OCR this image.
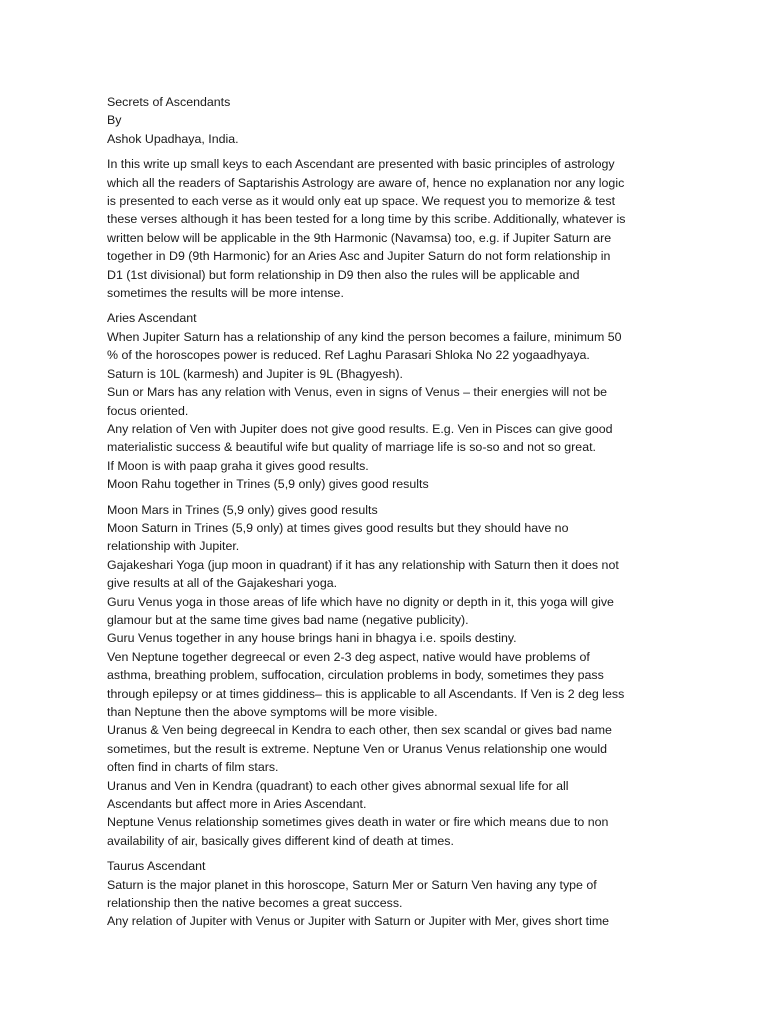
Secrets of Ascendants
By
Ashok Upadhaya, India.
In this write up small keys to each Ascendant are presented with basic principles of astrology
which all the readers of Saptarishis Astrology are aware of, hence no explanation nor any logic
is presented to each verse as it would only eat up space. We request you to memorize & test
these verses although it has been tested for a long time by this scribe. Additionally, whatever is
written below will be applicable in the 9th Harmonic (Navamsa) too, e.g. if Jupiter Saturn are
together in D9 (9th Harmonic) for an Aries Asc and Jupiter Saturn do not form relationship in
D1 (1st divisional) but form relationship in D9 then also the rules will be applicable and
sometimes the results will be more intense.
Aries Ascendant
When Jupiter Saturn has a relationship of any kind the person becomes a failure, minimum 50
% of the horoscopes power is reduced. Ref Laghu Parasari Shloka No 22 yogaadhyaya.
Saturn is 10L (karmesh) and Jupiter is 9L (Bhagyesh).
Sun or Mars has any relation with Venus, even in signs of Venus – their energies will not be
focus oriented.
Any relation of Ven with Jupiter does not give good results. E.g. Ven in Pisces can give good
materialistic success & beautiful wife but quality of marriage life is so-so and not so great.
If Moon is with paap graha it gives good results.
Moon Rahu together in Trines (5,9 only) gives good results
Moon Mars in Trines (5,9 only) gives good results
Moon Saturn in Trines (5,9 only) at times gives good results but they should have no
relationship with Jupiter.
Gajakeshari Yoga (jup moon in quadrant) if it has any relationship with Saturn then it does not
give results at all of the Gajakeshari yoga.
Guru Venus yoga in those areas of life which have no dignity or depth in it, this yoga will give
glamour but at the same time gives bad name (negative publicity).
Guru Venus together in any house brings hani in bhagya i.e. spoils destiny.
Ven Neptune together degreecal or even 2-3 deg aspect, native would have problems of
asthma, breathing problem, suffocation, circulation problems in body, sometimes they pass
through epilepsy or at times giddiness– this is applicable to all Ascendants. If Ven is 2 deg less
than Neptune then the above symptoms will be more visible.
Uranus & Ven being degreecal in Kendra to each other, then sex scandal or gives bad name
sometimes, but the result is extreme. Neptune Ven or Uranus Venus relationship one would
often find in charts of film stars.
Uranus and Ven in Kendra (quadrant) to each other gives abnormal sexual life for all
Ascendants but affect more in Aries Ascendant.
Neptune Venus relationship sometimes gives death in water or fire which means due to non
availability of air, basically gives different kind of death at times.
Taurus Ascendant
Saturn is the major planet in this horoscope, Saturn Mer or Saturn Ven having any type of
relationship then the native becomes a great success.
Any relation of Jupiter with Venus or Jupiter with Saturn or Jupiter with Mer, gives short time
